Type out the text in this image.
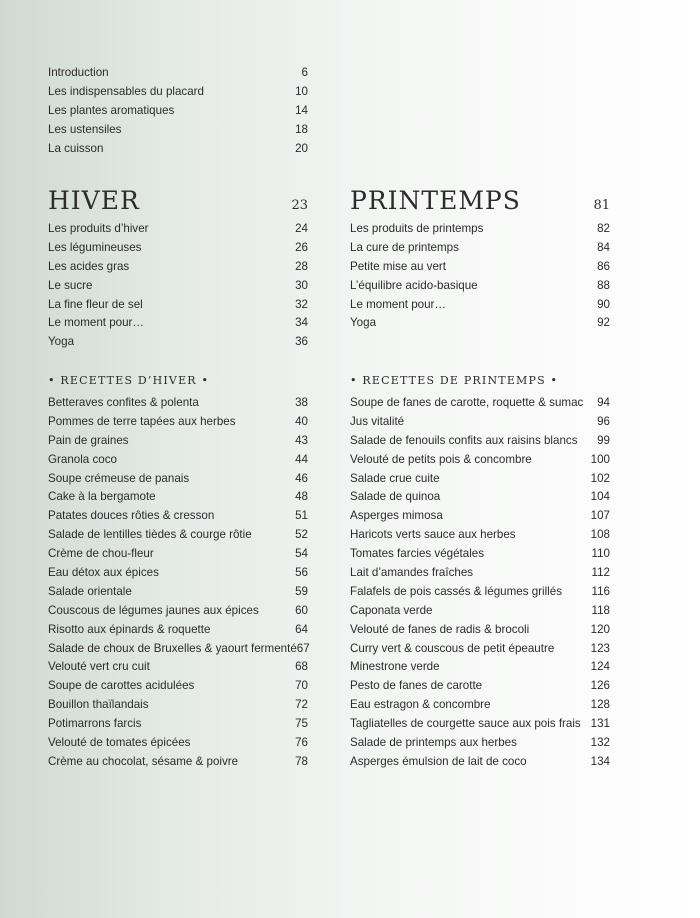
Introduction	6
Les indispensables du placard	10
Les plantes aromatiques	14
Les ustensiles	18
La cuisson	20
HIVER	23
Les produits d’hiver	24
Les légumineuses	26
Les acides gras	28
Le sucre	30
La fine fleur de sel	32
Le moment pour…	34
Yoga	36
• RECETTES D’HIVER •
Betteraves confites & polenta	38
Pommes de terre tapées aux herbes	40
Pain de graines	43
Granola coco	44
Soupe crémeuse de panais	46
Cake à la bergamote	48
Patates douces rôties & cresson	51
Salade de lentilles tièdes & courge rôtie	52
Crème de chou-fleur	54
Eau détox aux épices	56
Salade orientale	59
Couscous de légumes jaunes aux épices	60
Risotto aux épinards & roquette	64
Salade de choux de Bruxelles & yaourt fermenté 67
Velouté vert cru cuit	68
Soupe de carottes acidulées	70
Bouillon thaïlandais	72
Potimarrons farcis	75
Velouté de tomates épicées	76
Crème au chocolat, sésame & poivre	78
PRINTEMPS	81
Les produits de printemps	82
La cure de printemps	84
Petite mise au vert	86
L’équilibre acido-basique	88
Le moment pour…	90
Yoga	92
• RECETTES DE PRINTEMPS •
Soupe de fanes de carotte, roquette & sumac 94
Jus vitalité	96
Salade de fenouils confits aux raisins blancs 99
Velouté de petits pois & concombre	100
Salade crue cuite	102
Salade de quinoa	104
Asperges mimosa	107
Haricots verts sauce aux herbes	108
Tomates farcies végétales	110
Lait d’amandes fraîches	112
Falafels de pois cassés & légumes grillés	116
Caponata verde	118
Velouté de fanes de radis & brocoli	120
Curry vert & couscous de petit épeautre	123
Minestrone verde	124
Pesto de fanes de carotte	126
Eau estragon & concombre	128
Tagliatelles de courgette sauce aux pois frais 131
Salade de printemps aux herbes	132
Asperges émulsion de lait de coco	134
